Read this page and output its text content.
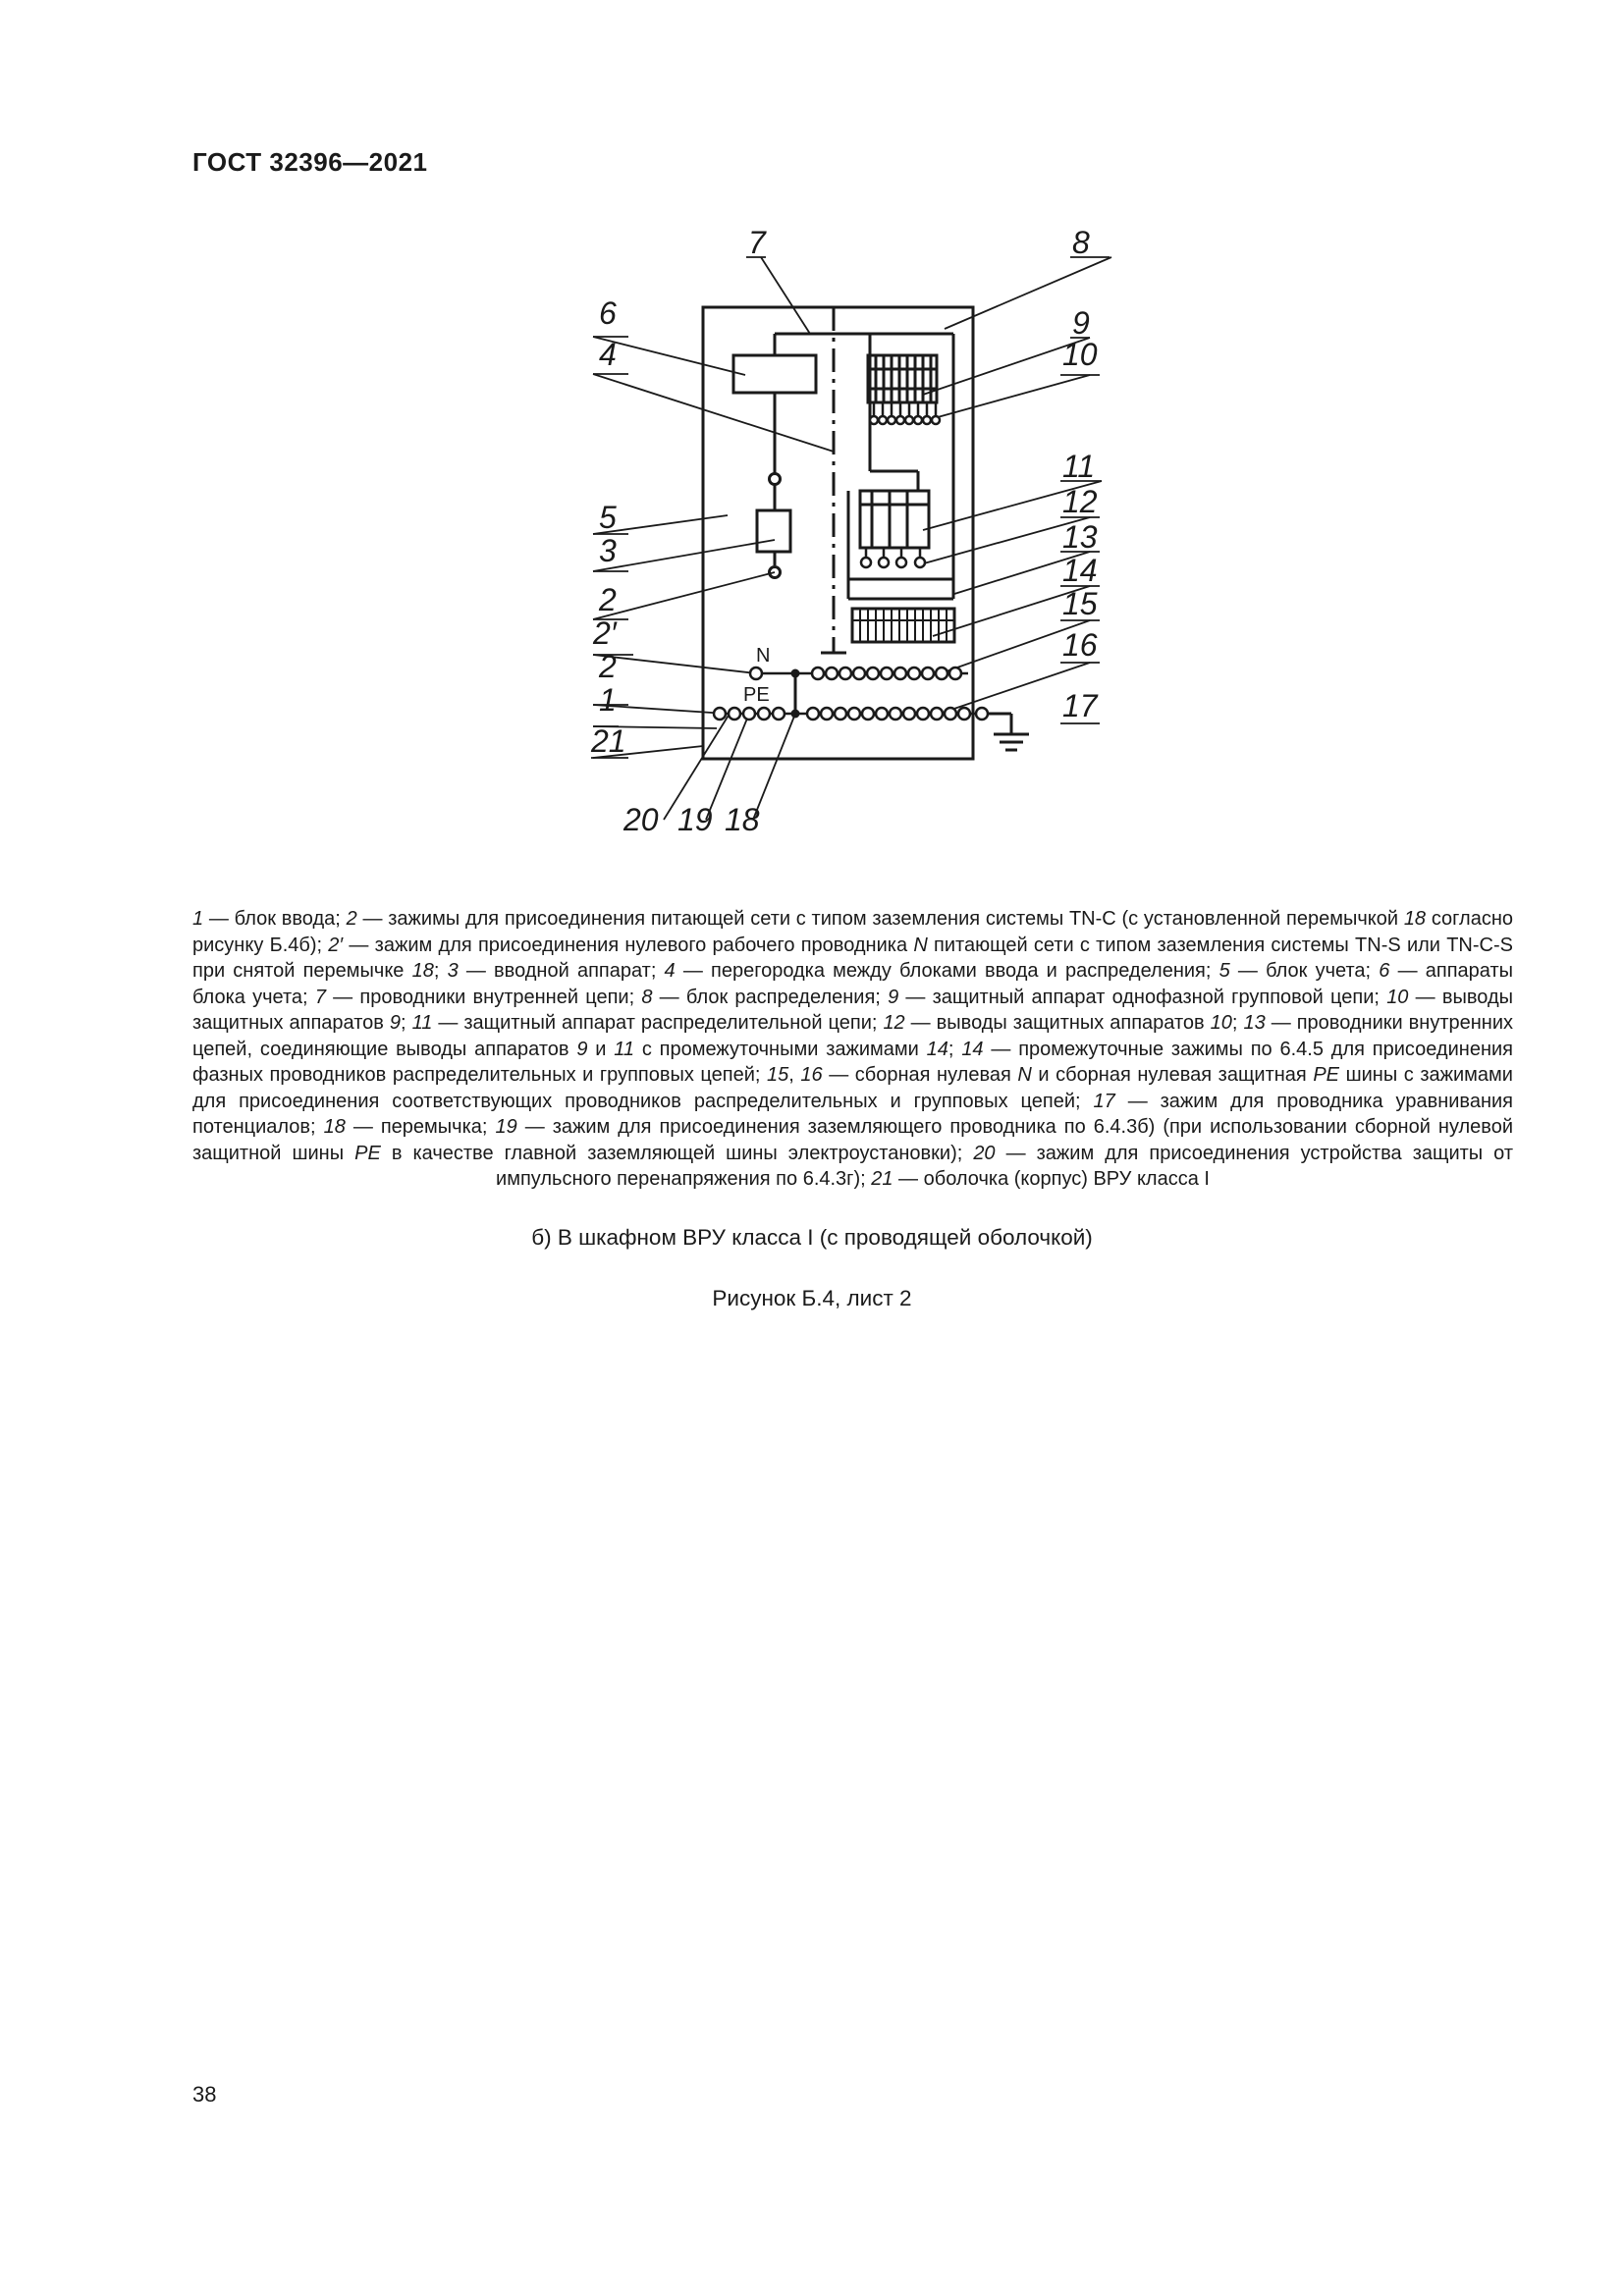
ГОСТ 32396—2021
N
PE
7	8
6	9
4	10
11
5	12
3	13
2
14
2′
15
16
2
1	17
21
20 19 18

1 — блок ввода; 2 — зажимы для присоединения питающей сети с типом заземления системы TN-C (с установленной перемычкой 18 согласно рисунку Б.4б); 2′ — зажим для присоединения нулевого рабочего проводника N питающей сети с типом заземления системы TN-S или TN-C-S при снятой перемычке 18; 3 — вводной аппарат; 4 — перегородка между блоками ввода и распределения; 5 — блок учета; 6 — аппараты блока учета; 7 — проводники внутренней цепи; 8 — блок распределения; 9 — защитный аппарат однофазной групповой цепи; 10 — выводы защитных аппаратов 9; 11 — защитный аппарат распределительной цепи; 12 — выводы защитных аппаратов 10; 13 — проводники внутренних цепей, соединяющие выводы аппаратов 9 и 11 с промежуточными зажимами 14; 14 — промежуточные зажимы по 6.4.5 для присоединения фазных проводников распределительных и групповых цепей; 15, 16 — сборная нулевая N и сборная нулевая защитная PE шины с зажимами для присоединения соответствующих проводников распределительных и групповых цепей; 17 — зажим для проводника уравнивания потенциалов; 18 — перемычка; 19 — зажим для присоединения заземляющего проводника по 6.4.3б) (при использовании сборной нулевой защитной шины PE в качестве главной заземляющей шины электроустановки); 20 — зажим для присоединения устройства защиты от импульсного перенапряжения по 6.4.3г); 21 — оболочка (корпус) ВРУ класса I

б) В шкафном ВРУ класса I (с проводящей оболочкой)
Рисунок Б.4, лист 2
38
